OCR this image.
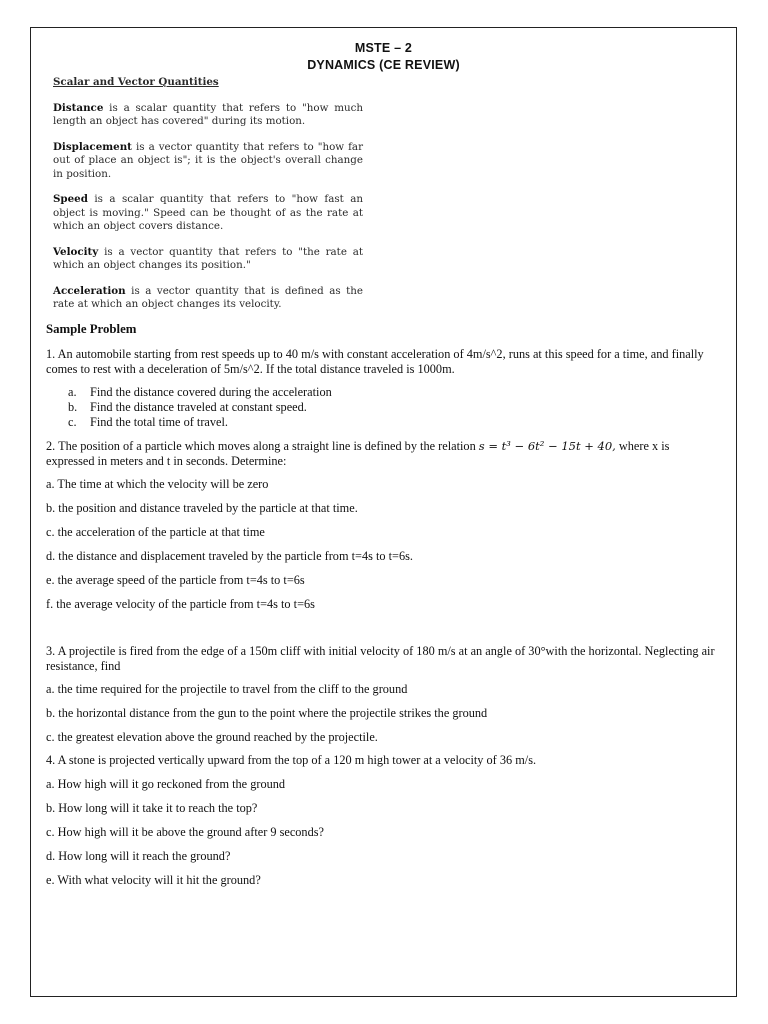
MSTE – 2
DYNAMICS (CE REVIEW)
Scalar and Vector Quantities

Distance is a scalar quantity that refers to "how much length an object has covered" during its motion.

Displacement is a vector quantity that refers to "how far out of place an object is"; it is the object's overall change in position.

Speed is a scalar quantity that refers to "how fast an object is moving." Speed can be thought of as the rate at which an object covers distance.

Velocity is a vector quantity that refers to "the rate at which an object changes its position."

Acceleration is a vector quantity that is defined as the rate at which an object changes its velocity.

Sample Problem

1. An automobile starting from rest speeds up to 40 m/s with constant acceleration of 4m/s^2, runs at this speed for a time, and finally comes to rest with a deceleration of 5m/s^2. If the total distance traveled is 1000m.

a.	Find the distance covered during the acceleration
b.	Find the distance traveled at constant speed.
c.	Find the total time of travel.

2. The position of a particle which moves along a straight line is defined by the relation s = t³ − 6t² − 15t + 40, where x is expressed in meters and t in seconds. Determine:

a. The time at which the velocity will be zero

b. the position and distance traveled by the particle at that time.

c. the acceleration of the particle at that time

d. the distance and displacement traveled by the particle from t=4s to t=6s.

e. the average speed of the particle from t=4s to t=6s

f. the average velocity of the particle from t=4s to t=6s

3. A projectile is fired from the edge of a 150m cliff with initial velocity of 180 m/s at an angle of 30°with the horizontal. Neglecting air resistance, find

a. the time required for the projectile to travel from the cliff to the ground

b. the horizontal distance from the gun to the point where the projectile strikes the ground

c. the greatest elevation above the ground reached by the projectile.

4. A stone is projected vertically upward from the top of a 120 m high tower at a velocity of 36 m/s.

a. How high will it go reckoned from the ground

b. How long will it take it to reach the top?

c. How high will it be above the ground after 9 seconds?

d. How long will it reach the ground?

e. With what velocity will it hit the ground?
